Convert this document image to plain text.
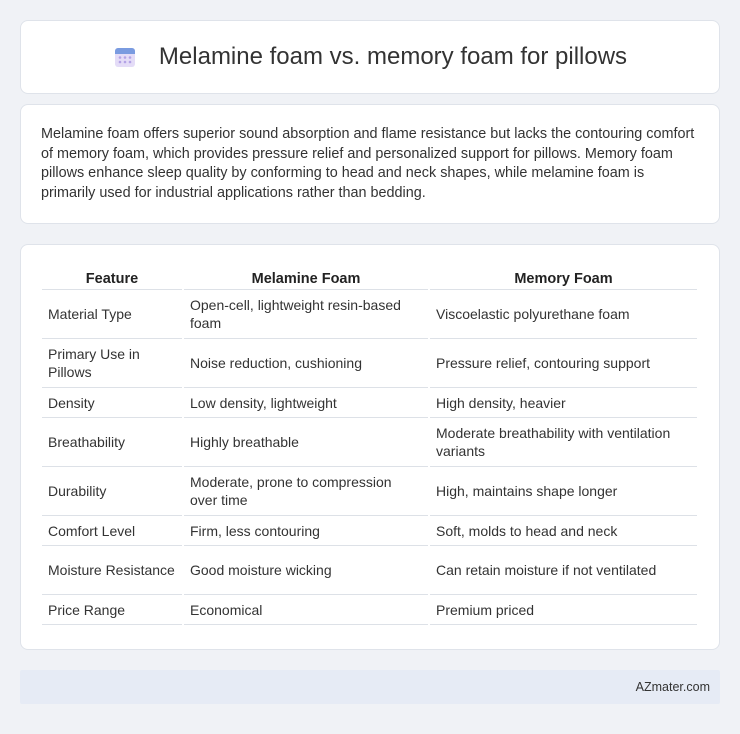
Melamine foam vs. memory foam for pillows

Melamine foam offers superior sound absorption and flame resistance but lacks the contouring comfort of memory foam, which provides pressure relief and personalized support for pillows. Memory foam pillows enhance sleep quality by conforming to head and neck shapes, while melamine foam is primarily used for industrial applications rather than bedding.

Feature	Melamine Foam	Memory Foam
Material Type	Open-cell, lightweight resin-based foam	Viscoelastic polyurethane foam
Primary Use in Pillows	Noise reduction, cushioning	Pressure relief, contouring support
Density	Low density, lightweight	High density, heavier
Breathability	Highly breathable	Moderate breathability with ventilation variants
Durability	Moderate, prone to compression over time	High, maintains shape longer
Comfort Level	Firm, less contouring	Soft, molds to head and neck
Moisture Resistance	Good moisture wicking	Can retain moisture if not ventilated
Price Range	Economical	Premium priced
AZmater.com
